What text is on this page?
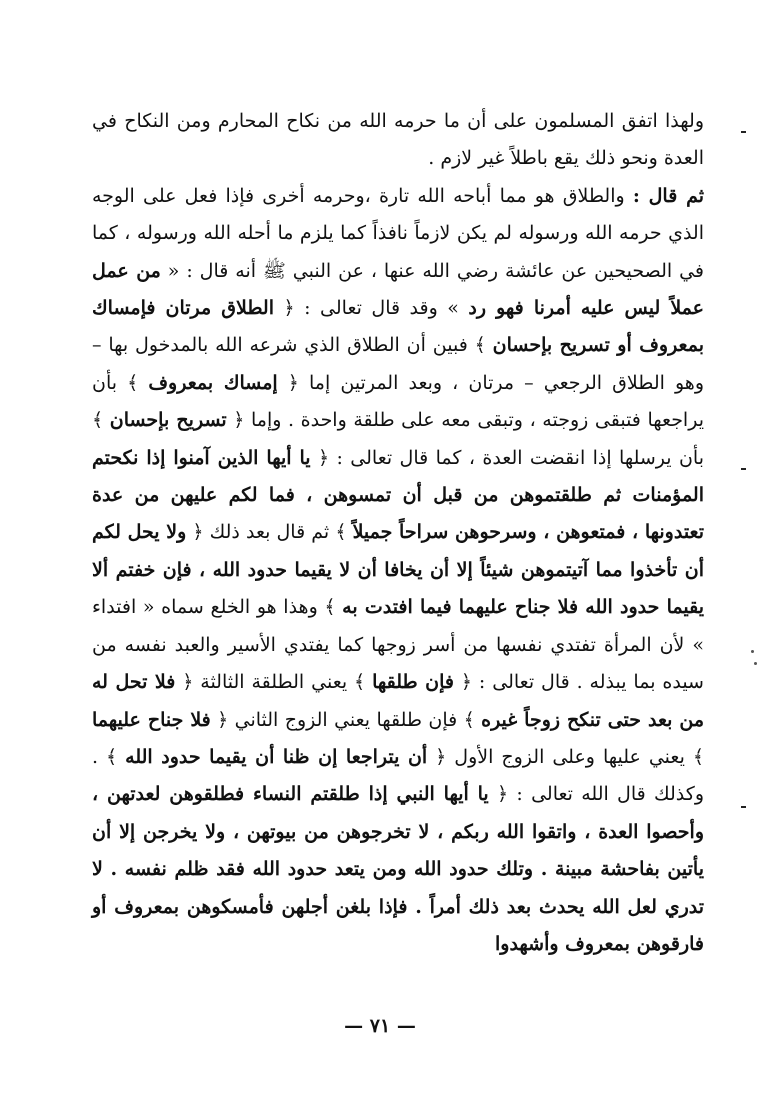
ولهذا اتفق المسلمون على أن ما حرمه الله من نكاح المحارم ومن النكاح في العدة ونحو ذلك يقع باطلاً غير لازم .

ثم قال : والطلاق هو مما أباحه الله تارة ،وحرمه أخرى فإذا فعل على الوجه الذي حرمه الله ورسوله لم يكن لازماً نافذاً كما يلزم ما أحله الله ورسوله ، كما في الصحيحين عن عائشة رضي الله عنها ، عن النبي ﷺ أنه قال : « من عمل عملاً ليس عليه أمرنا فهو رد » وقد قال تعالى : ﴿ الطلاق مرتان فإمساك بمعروف أو تسريح بإحسان ﴾ فبين أن الطلاق الذي شرعه الله بالمدخول بها – وهو الطلاق الرجعي – مرتان ، وبعد المرتين إما ﴿ إمساك بمعروف ﴾ بأن يراجعها فتبقى زوجته ، وتبقى معه على طلقة واحدة . وإما ﴿ تسريح بإحسان ﴾ بأن يرسلها إذا انقضت العدة ، كما قال تعالى : ﴿ يا أيها الذين آمنوا إذا نكحتم المؤمنات ثم طلقتموهن من قبل أن تمسوهن ، فما لكم عليهن من عدة تعتدونها ، فمتعوهن ، وسرحوهن سراحاً جميلاً ﴾ ثم قال بعد ذلك ﴿ ولا يحل لكم أن تأخذوا مما آتيتموهن شيئاً إلا أن يخافا أن لا يقيما حدود الله ، فإن خفتم ألا يقيما حدود الله فلا جناح عليهما فيما افتدت به ﴾ وهذا هو الخلع سماه « افتداء » لأن المرأة تفتدي نفسها من أسر زوجها كما يفتدي الأسير والعبد نفسه من سيده بما يبذله . قال تعالى : ﴿ فإن طلقها ﴾ يعني الطلقة الثالثة ﴿ فلا تحل له من بعد حتى تنكح زوجاً غيره ﴾ فإن طلقها يعني الزوج الثاني ﴿ فلا جناح عليهما ﴾ يعني عليها وعلى الزوج الأول ﴿ أن يتراجعا إن ظنا أن يقيما حدود الله ﴾ . وكذلك قال الله تعالى : ﴿ يا أيها النبي إذا طلقتم النساء فطلقوهن لعدتهن ، وأحصوا العدة ، واتقوا الله ربكم ، لا تخرجوهن من بيوتهن ، ولا يخرجن إلا أن يأتين بفاحشة مبينة . وتلك حدود الله ومن يتعد حدود الله فقد ظلم نفسه . لا تدري لعل الله يحدث بعد ذلك أمراً . فإذا بلغن أجلهن فأمسكوهن بمعروف أو فارقوهن بمعروف وأشهدوا

— ٧١ —
